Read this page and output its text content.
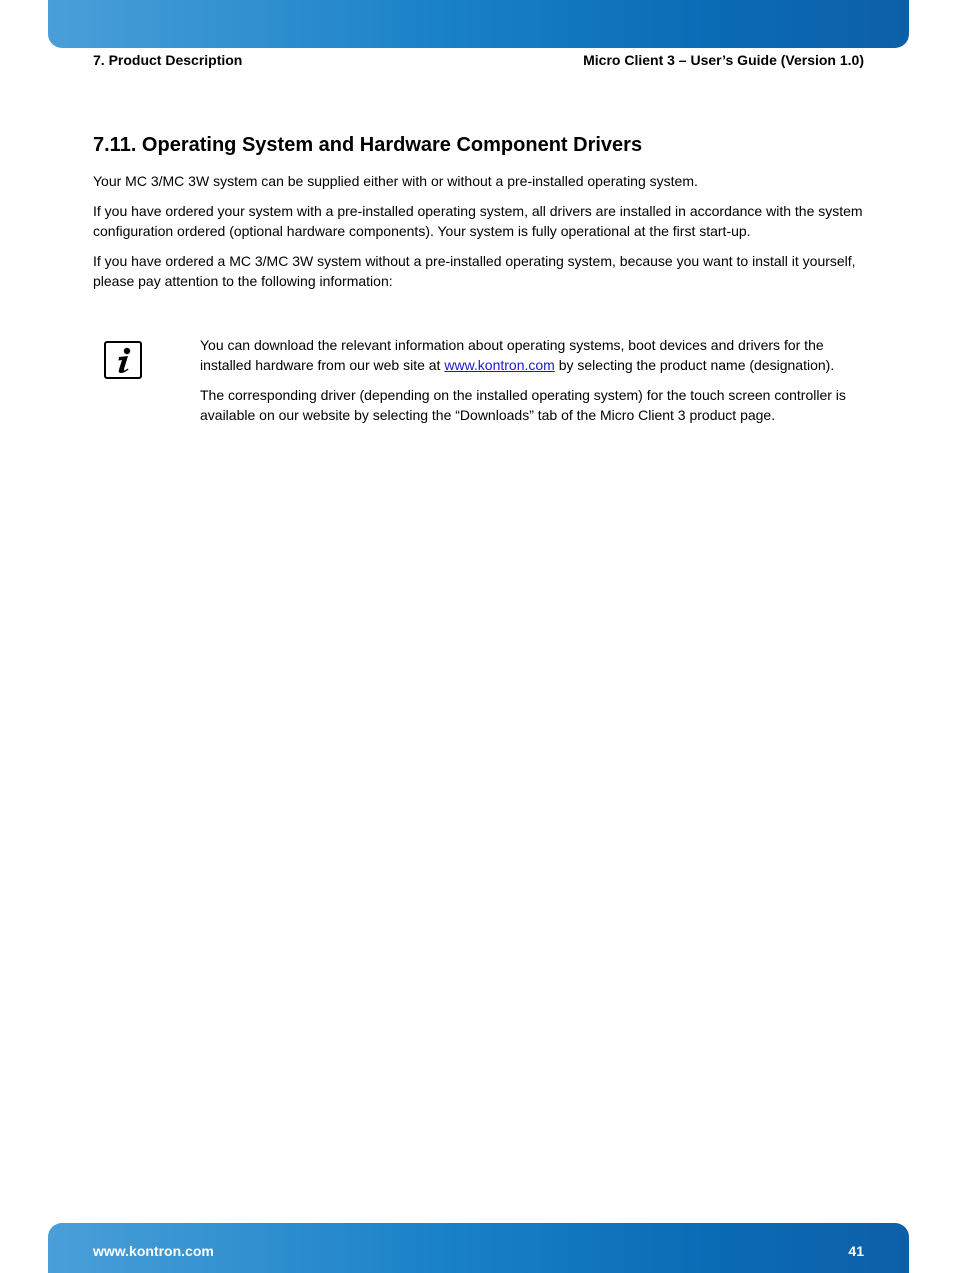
7. Product Description	Micro Client 3 – User’s Guide (Version 1.0)
7.11. Operating System and Hardware Component Drivers

Your MC 3/MC 3W system can be supplied either with or without a pre-installed operating system.

If you have ordered your system with a pre-installed operating system, all drivers are installed in accordance with the system configuration ordered (optional hardware components). Your system is fully operational at the first start-up.

If you have ordered a MC 3/MC 3W system without a pre-installed operating system, because you want to install it yourself, please pay attention to the following information:

You can download the relevant information about operating systems, boot devices and drivers for the installed hardware from our web site at www.kontron.com by selecting the product name (designation).

The corresponding driver (depending on the installed operating system) for the touch screen controller is available on our website by selecting the “Downloads” tab of the Micro Client 3 product page.

www.kontron.com	41
